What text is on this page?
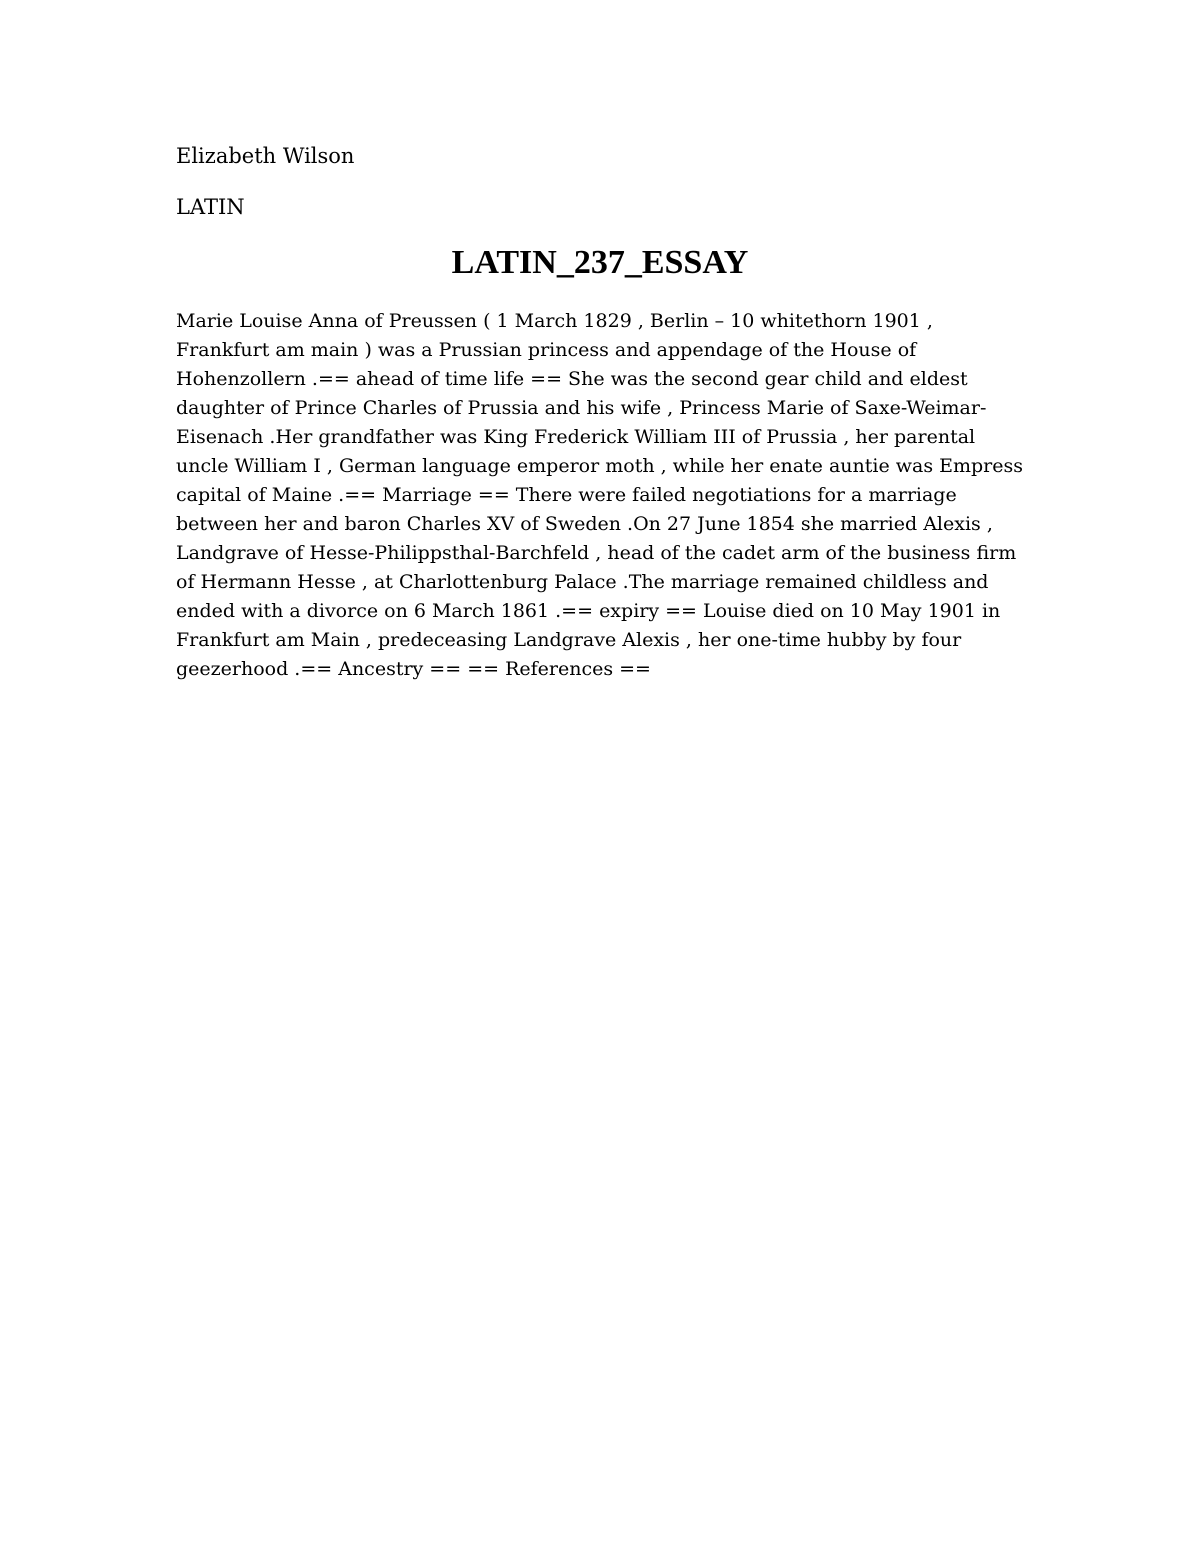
Elizabeth Wilson

LATIN

LATIN_237_ESSAY

Marie Louise Anna of Preussen ( 1 March 1829 , Berlin – 10 whitethorn 1901 , Frankfurt am main ) was a Prussian princess and appendage of the House of Hohenzollern .== ahead of time life == She was the second gear child and eldest daughter of Prince Charles of Prussia and his wife , Princess Marie of Saxe-Weimar-Eisenach .Her grandfather was King Frederick William III of Prussia , her parental uncle William I , German language emperor moth , while her enate auntie was Empress capital of Maine .== Marriage == There were failed negotiations for a marriage between her and baron Charles XV of Sweden .On 27 June 1854 she married Alexis , Landgrave of Hesse-Philippsthal-Barchfeld , head of the cadet arm of the business firm of Hermann Hesse , at Charlottenburg Palace .The marriage remained childless and ended with a divorce on 6 March 1861 .== expiry == Louise died on 10 May 1901 in Frankfurt am Main , predeceasing Landgrave Alexis , her one-time hubby by four geezerhood .== Ancestry == == References ==
